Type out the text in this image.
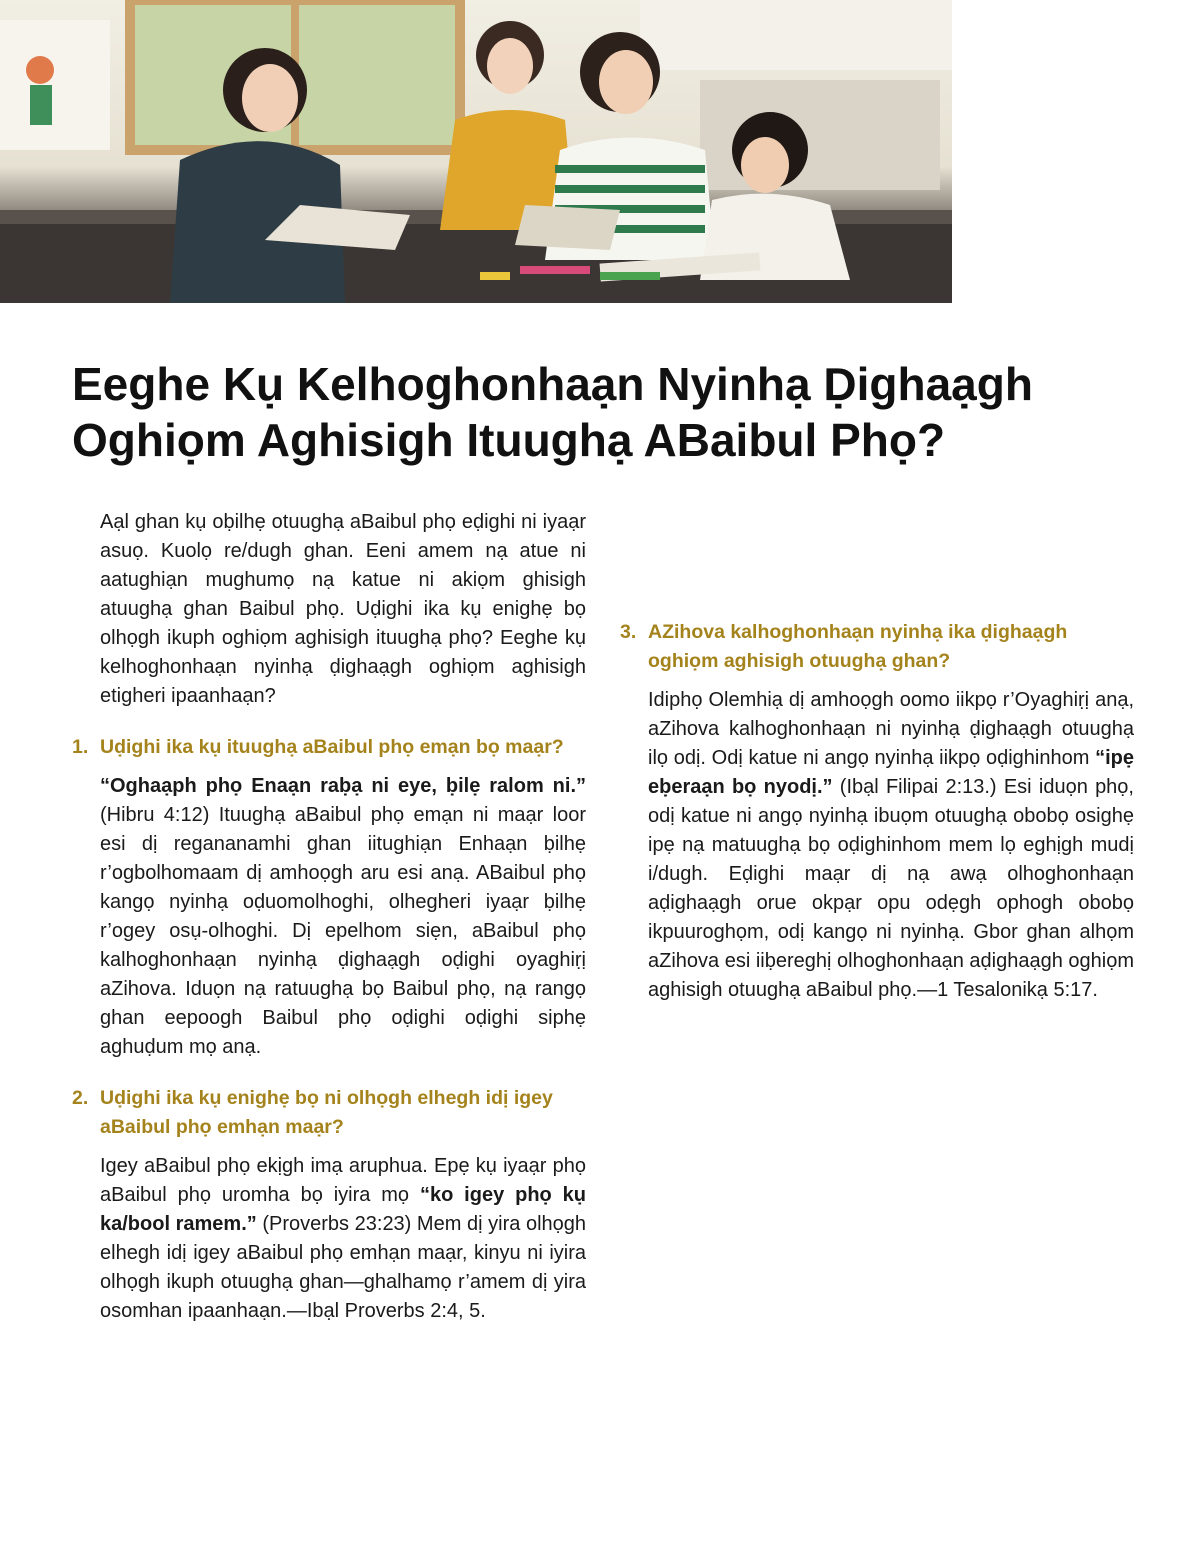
Eeghe Kụ Kelhoghonhaạn Nyinhạ Ḍighaạgh Oghiọm Aghisigh Ituughạ ABaibul Phọ?

Aạl ghan kụ oḅilhẹ otuughạ aBaibul phọ eḍighi ni iyaạr asuọ. Kuolọ re/dugh ghan. Eeni amem nạ atue ni aatughiạn mughumọ nạ katue ni akiọm ghisigh atuughạ ghan Baibul phọ. Uḍighi ika kụ enighẹ bọ olhọgh ikuph oghiọm aghisigh ituughạ phọ? Eeghe kụ kelhoghonhaạn nyinhạ ḍighaạgh oghiọm aghisigh etigheri ipaanhaạn?

1. Uḍighi ika kụ ituughạ aBaibul phọ emạn bọ maạr?

“Oghaạph phọ Enaạn raḅạ ni eye, ḅilẹ ralom ni.” (Hibru 4:12) Ituughạ aBaibul phọ emạn ni maạr loor esi dị regananamhi ghan iitughiạn Enhaạn ḅilhẹ r’ogbolhomaam dị amhoọgh aru esi anạ. ABaibul phọ kangọ nyinhạ oḍuomolhoghi, olhegheri iyaạr ḅilhẹ r’ogey osụ-olhoghi. Dị epelhom siẹn, aBaibul phọ kalhoghonhaạn nyinhạ ḍighaạgh oḍighi oyaghiṛị aZihova. Iduọn nạ ratuughạ bọ Baibul phọ, nạ rangọ ghan eepoogh Baibul phọ oḍighi oḍighi siphẹ aghuḍum mọ anạ.

2. Uḍighi ika kụ enighẹ bọ ni olhọgh elhegh idị igey aBaibul phọ emhạn maạr?

Igey aBaibul phọ ekịgh imạ aruphua. Epẹ kụ iyaạr phọ aBaibul phọ uromha bọ iyira mọ “ko igey phọ kụ ka/bool ramem.” (Proverbs 23:23) Mem dị yira olhọgh elhegh idị igey aBaibul phọ emhạn maạr, kinyu ni iyira olhọgh ikuph otuughạ ghan—ghalhamọ r’amem dị yira osomhan ipaanhaạn.—Ibạl Proverbs 2:4, 5.

3. AZihova kalhoghonhaạn nyinhạ ika ḍighaạgh oghiọm aghisigh otuughạ ghan?

Idiphọ Olemhiạ dị amhoọgh oomo iikpọ r’Oyaghiṛị anạ, aZihova kalhoghonhaạn ni nyinhạ ḍighaạgh otuughạ ilọ odị. Odị katue ni angọ nyinhạ iikpọ oḍighinhom “ipẹ eḅeraạn bọ nyodị.” (Ibạl Filipai 2:13.) Esi iduọn phọ, odị katue ni angọ nyinhạ ibuọm otuughạ obobọ osighẹ ipẹ nạ matuughạ bọ oḍighinhom mem lọ eghịgh mudị i/dugh. Eḍighi maạr dị nạ awạ olhoghonhaạn aḍighaạgh orue okpạr opu odẹgh ophogh obobọ ikpuuroghọm, odị kangọ ni nyinhạ. Gbor ghan alhọm aZihova esi iiḅereghị olhoghonhaạn aḍighaạgh oghiọm aghisigh otuughạ aBaibul phọ.—1 Tesalonikạ 5:17.
